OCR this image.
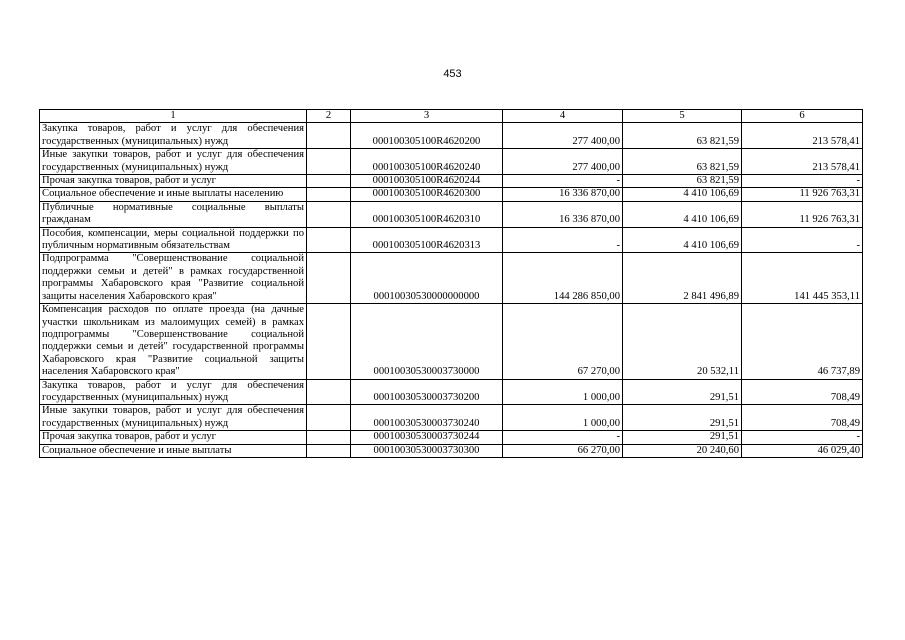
453
1	2	3	4	5	6
Закупка товаров, работ и услуг для обеспечения государственных (муниципальных) нужд		000100305100R4620200	277 400,00	63 821,59	213 578,41
Иные закупки товаров, работ и услуг для обеспечения государственных (муниципальных) нужд		000100305100R4620240	277 400,00	63 821,59	213 578,41
Прочая закупка товаров, работ и услуг		000100305100R4620244	-	63 821,59	-
Социальное обеспечение и иные выплаты населению		000100305100R4620300	16 336 870,00	4 410 106,69	11 926 763,31
Публичные нормативные социальные выплаты гражданам		000100305100R4620310	16 336 870,00	4 410 106,69	11 926 763,31
Пособия, компенсации, меры социальной поддержки по публичным нормативным обязательствам		000100305100R4620313	-	4 410 106,69	-
Подпрограмма "Совершенствование социальной поддержки семьи и детей" в рамках государственной программы Хабаровского края "Развитие социальной защиты населения Хабаровского края"		00010030530000000000	144 286 850,00	2 841 496,89	141 445 353,11
Компенсация расходов по оплате проезда (на дачные участки школьникам из малоимущих семей) в рамках подпрограммы "Совершенствование социальной поддержки семьи и детей" государственной программы Хабаровского края "Развитие социальной защиты населения Хабаровского края"		00010030530003730000	67 270,00	20 532,11	46 737,89
Закупка товаров, работ и услуг для обеспечения государственных (муниципальных) нужд		00010030530003730200	1 000,00	291,51	708,49
Иные закупки товаров, работ и услуг для обеспечения государственных (муниципальных) нужд		00010030530003730240	1 000,00	291,51	708,49
Прочая закупка товаров, работ и услуг		00010030530003730244	-	291,51	-
Социальное обеспечение и иные выплаты		00010030530003730300	66 270,00	20 240,60	46 029,40
